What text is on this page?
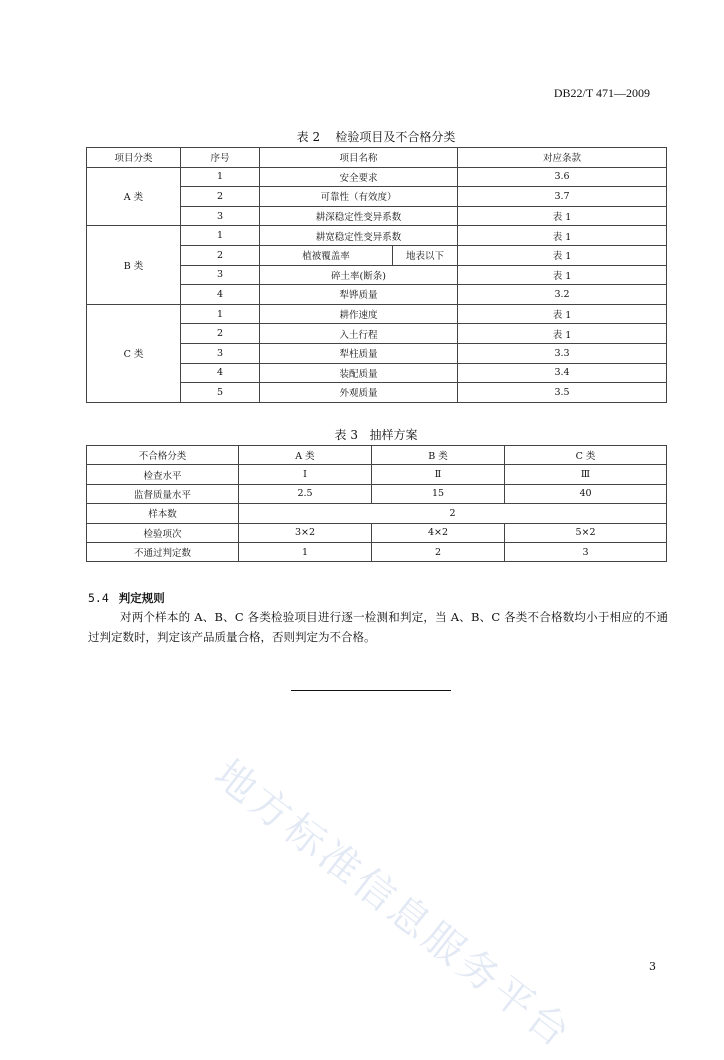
DB22/T 471—2009
表 2    检验项目及不合格分类
项目分类	序号	项目名称		对应条款
A 类	1	安全要求		3.6
	2	可靠性（有效度）		3.7
	3	耕深稳定性变异系数		表 1
B 类	1	耕宽稳定性变异系数		表 1
	2	植被覆盖率	地表以下	表 1
	3	碎土率(断条)		表 1
	4	犁铧质量		3.2
C 类	1	耕作速度		表 1
	2	入土行程		表 1
	3	犁柱质量		3.3
	4	装配质量		3.4
	5	外观质量		3.5
表 3   抽样方案
不合格分类	A 类	B 类	C 类
检查水平	Ⅰ	Ⅱ	Ⅲ
监督质量水平	2.5	15	40
样本数	2		
检验项次	3×2	4×2	5×2
不通过判定数	1	2	3
5.4 判定规则
对两个样本的 A、B、C 各类检验项目进行逐一检测和判定，当 A、B、C 各类不合格数均小于相应的不通过判定数时，判定该产品质量合格，否则判定为不合格。
地方标准信息服务平台	3
